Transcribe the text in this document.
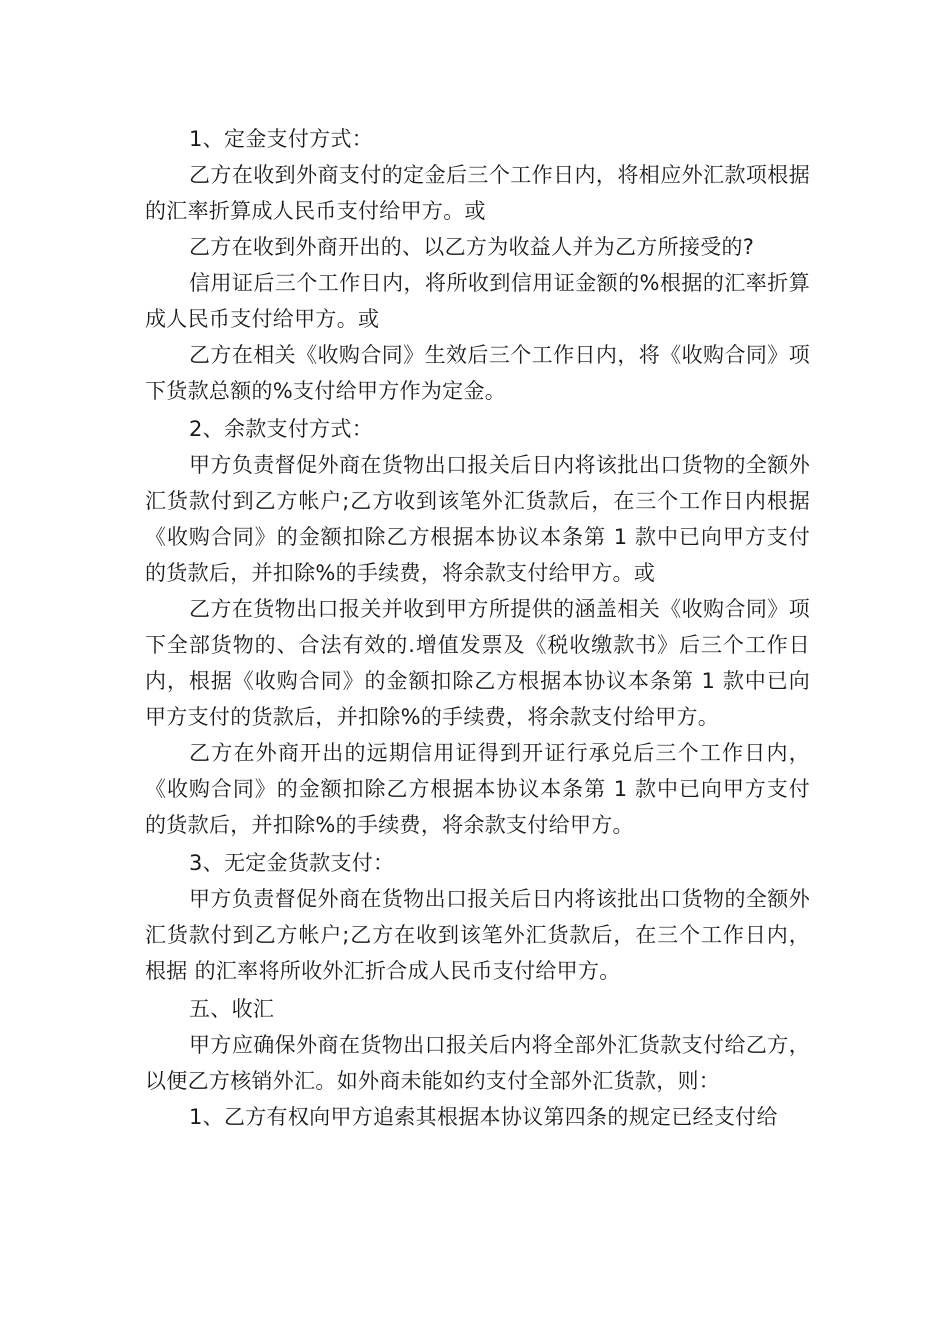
1、定金支付方式：

乙方在收到外商支付的定金后三个工作日内，将相应外汇款项根据 的汇率折算成人民币支付给甲方。或

乙方在收到外商开出的、以乙方为收益人并为乙方所接受的?

信用证后三个工作日内，将所收到信用证金额的%根据的汇率折算成人民币支付给甲方。或

乙方在相关《收购合同》生效后三个工作日内，将《收购合同》项下货款总额的%支付给甲方作为定金。

2、余款支付方式：

甲方负责督促外商在货物出口报关后日内将该批出口货物的全额外汇货款付到乙方帐户;乙方收到该笔外汇货款后，在三个工作日内根据《收购合同》的金额扣除乙方根据本协议本条第 1 款中已向甲方支付的货款后，并扣除%的手续费，将余款支付给甲方。或

乙方在货物出口报关并收到甲方所提供的涵盖相关《收购合同》项下全部货物的、合法有效的.增值发票及《税收缴款书》后三个工作日内，根据《收购合同》的金额扣除乙方根据本协议本条第 1 款中已向甲方支付的货款后，并扣除%的手续费，将余款支付给甲方。

乙方在外商开出的远期信用证得到开证行承兑后三个工作日内，《收购合同》的金额扣除乙方根据本协议本条第 1 款中已向甲方支付的货款后，并扣除%的手续费，将余款支付给甲方。

3、无定金货款支付：

甲方负责督促外商在货物出口报关后日内将该批出口货物的全额外汇货款付到乙方帐户;乙方在收到该笔外汇货款后，在三个工作日内，根据 的汇率将所收外汇折合成人民币支付给甲方。

五、收汇

甲方应确保外商在货物出口报关后内将全部外汇货款支付给乙方，以便乙方核销外汇。如外商未能如约支付全部外汇货款，则：

1、乙方有权向甲方追索其根据本协议第四条的规定已经支付给
